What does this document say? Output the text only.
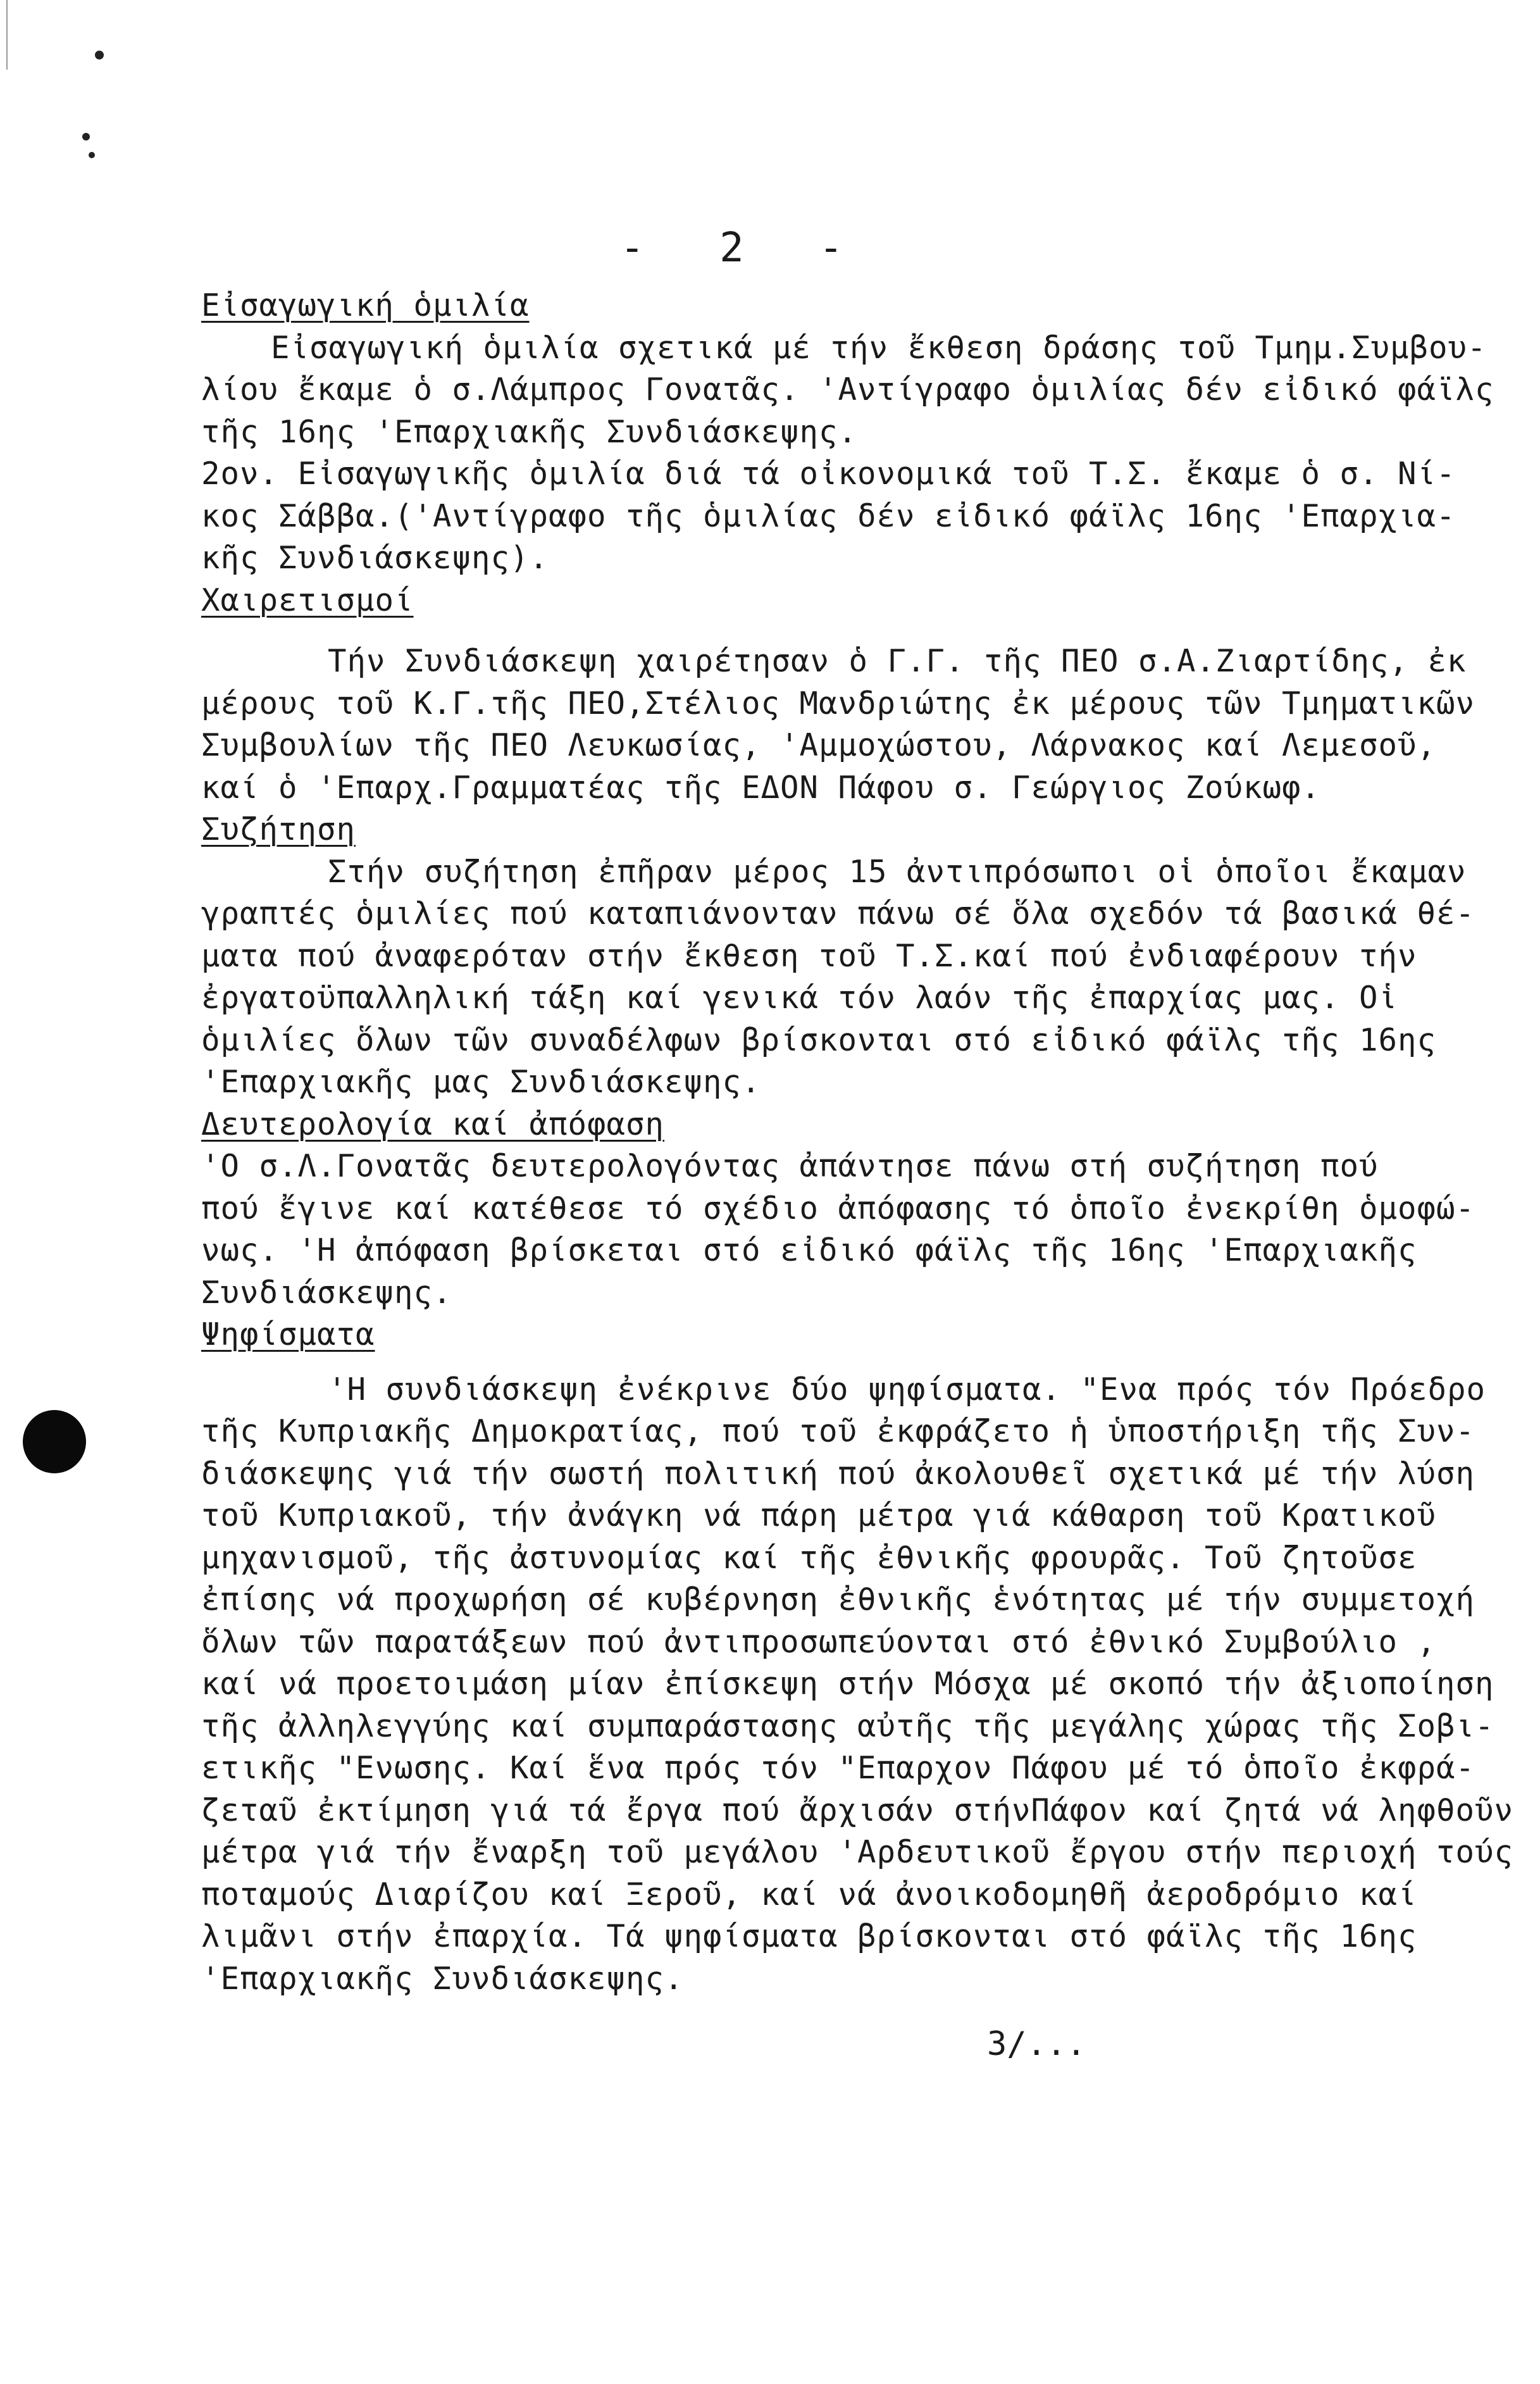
- 2 -
Εἰσαγωγική ὁμιλία
Εἰσαγωγική ὁμιλία σχετικά μέ τήν ἔκθεση δράσης τοῦ Τμημ.Συμβου-
λίου ἔκαμε ὁ σ.Λάμπρος Γονατᾶς. 'Αντίγραφο ὁμιλίας δέν εἰδικό φάϊλς
τῆς 16ης 'Επαρχιακῆς Συνδιάσκεψης.
2ον. Εἰσαγωγικῆς ὁμιλία διά τά οἰκονομικά τοῦ Τ.Σ. ἔκαμε ὁ σ. Νί-
κος Σάββα.('Αντίγραφο τῆς ὁμιλίας δέν εἰδικό φάϊλς 16ης 'Επαρχια-
κῆς Συνδιάσκεψης).
Χαιρετισμοί
Τήν Συνδιάσκεψη χαιρέτησαν ὁ Γ.Γ. τῆς ΠΕΟ σ.Α.Ζιαρτίδης, ἐκ
μέρους τοῦ Κ.Γ.τῆς ΠΕΟ,Στέλιος Μανδριώτης ἐκ μέρους τῶν Τμηματικῶν
Συμβουλίων τῆς ΠΕΟ Λευκωσίας, 'Αμμοχώστου, Λάρνακος καί Λεμεσοῦ,
καί ὁ 'Επαρχ.Γραμματέας τῆς ΕΔΟΝ Πάφου σ. Γεώργιος Ζούκωφ.
Συζήτηση
Στήν συζήτηση ἐπῆραν μέρος 15 ἀντιπρόσωποι οἱ ὁποῖοι ἔκαμαν
γραπτές ὁμιλίες πού καταπιάνονταν πάνω σέ ὅλα σχεδόν τά βασικά θέ-
ματα πού ἀναφερόταν στήν ἔκθεση τοῦ Τ.Σ.καί πού ἐνδιαφέρουν τήν
ἐργατοϋπαλληλική τάξη καί γενικά τόν λαόν τῆς ἐπαρχίας μας. Οἱ
ὁμιλίες ὅλων τῶν συναδέλφων βρίσκονται στό εἰδικό φάϊλς τῆς 16ης
'Επαρχιακῆς μας Συνδιάσκεψης.
Δευτερολογία καί ἀπόφαση
'Ο σ.Λ.Γονατᾶς δευτερολογόντας ἀπάντησε πάνω στή συζήτηση πού
πού ἔγινε καί κατέθεσε τό σχέδιο ἀπόφασης τό ὁποῖο ἐνεκρίθη ὁμοφώ-
νως. 'Η ἀπόφαση βρίσκεται στό εἰδικό φάϊλς τῆς 16ης 'Επαρχιακῆς
Συνδιάσκεψης.
Ψηφίσματα
'Η συνδιάσκεψη ἐνέκρινε δύο ψηφίσματα. "Ενα πρός τόν Πρόεδρο
τῆς Κυπριακῆς Δημοκρατίας, πού τοῦ ἐκφράζετο ἡ ὑποστήριξη τῆς Συν-
διάσκεψης γιά τήν σωστή πολιτική πού ἀκολουθεῖ σχετικά μέ τήν λύση
τοῦ Κυπριακοῦ, τήν ἀνάγκη νά πάρη μέτρα γιά κάθαρση τοῦ Κρατικοῦ
μηχανισμοῦ, τῆς ἀστυνομίας καί τῆς ἐθνικῆς φρουρᾶς. Τοῦ ζητοῦσε
ἐπίσης νά προχωρήση σέ κυβέρνηση ἐθνικῆς ἑνότητας μέ τήν συμμετοχή
ὅλων τῶν παρατάξεων πού ἀντιπροσωπεύονται στό ἐθνικό Συμβούλιο ,
καί νά προετοιμάση μίαν ἐπίσκεψη στήν Μόσχα μέ σκοπό τήν ἀξιοποίηση
τῆς ἀλληλεγγύης καί συμπαράστασης αὐτῆς τῆς μεγάλης χώρας τῆς Σοβι-
ετικῆς "Ενωσης. Καί ἕνα πρός τόν "Επαρχον Πάφου μέ τό ὁποῖο ἐκφρά-
ζεταῦ ἐκτίμηση γιά τά ἔργα πού ἄρχισάν στήνΠάφον καί ζητά νά ληφθοῦν
μέτρα γιά τήν ἔναρξη τοῦ μεγάλου 'Αρδευτικοῦ ἔργου στήν περιοχή τούς
ποταμούς Διαρίζου καί Ξεροῦ, καί νά ἀνοικοδομηθῆ ἀεροδρόμιο καί
λιμᾶνι στήν ἐπαρχία. Τά ψηφίσματα βρίσκονται στό φάϊλς τῆς 16ης
'Επαρχιακῆς Συνδιάσκεψης.
3/...
